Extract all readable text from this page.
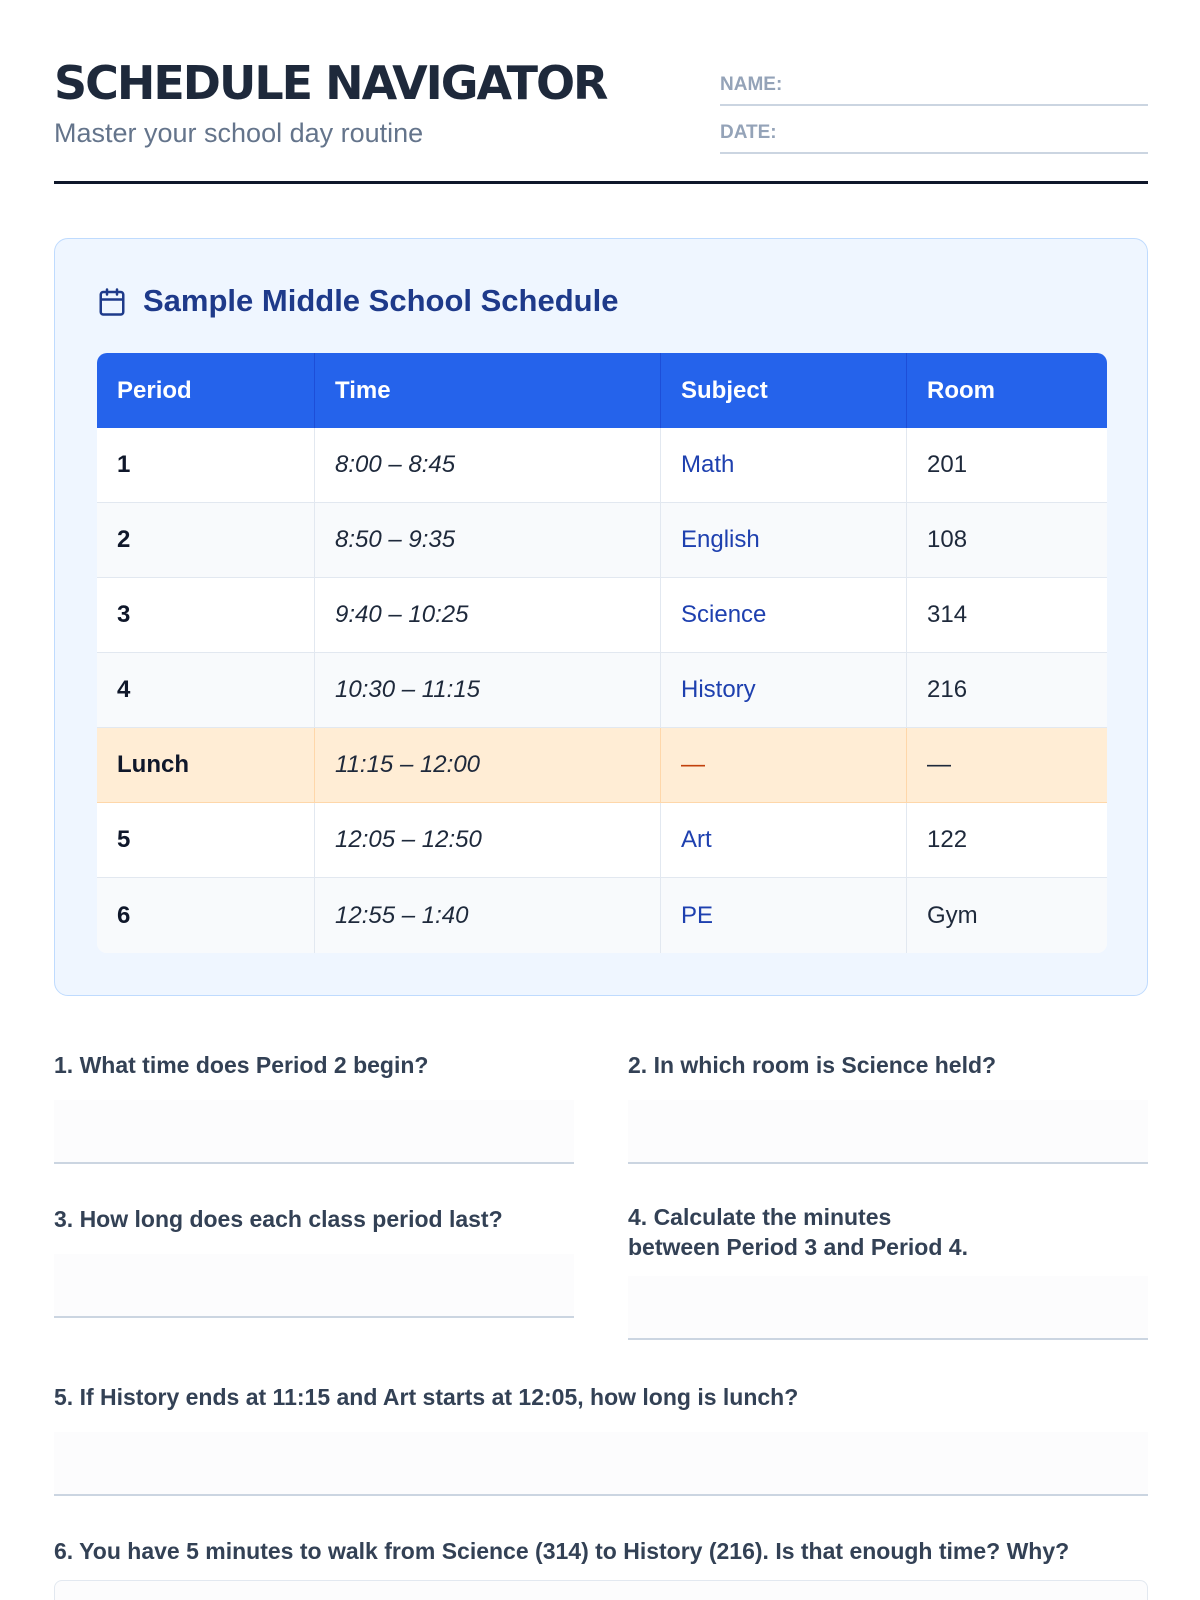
SCHEDULE NAVIGATOR
Master your school day routine
NAME:
DATE:
Sample Middle School Schedule
Period	Time	Subject	Room
1	8:00 – 8:45	Math	201
2	8:50 – 9:35	English	108
3	9:40 – 10:25	Science	314
4	10:30 – 11:15	History	216
Lunch	11:15 – 12:00	—	—
5	12:05 – 12:50	Art	122
6	12:55 – 1:40	PE	Gym
1. What time does Period 2 begin?	2. In which room is Science held?
3. How long does each class period last?	4. Calculate the minutes
between Period 3 and Period 4.
5. If History ends at 11:15 and Art starts at 12:05, how long is lunch?
6. You have 5 minutes to walk from Science (314) to History (216). Is that enough time? Why?
